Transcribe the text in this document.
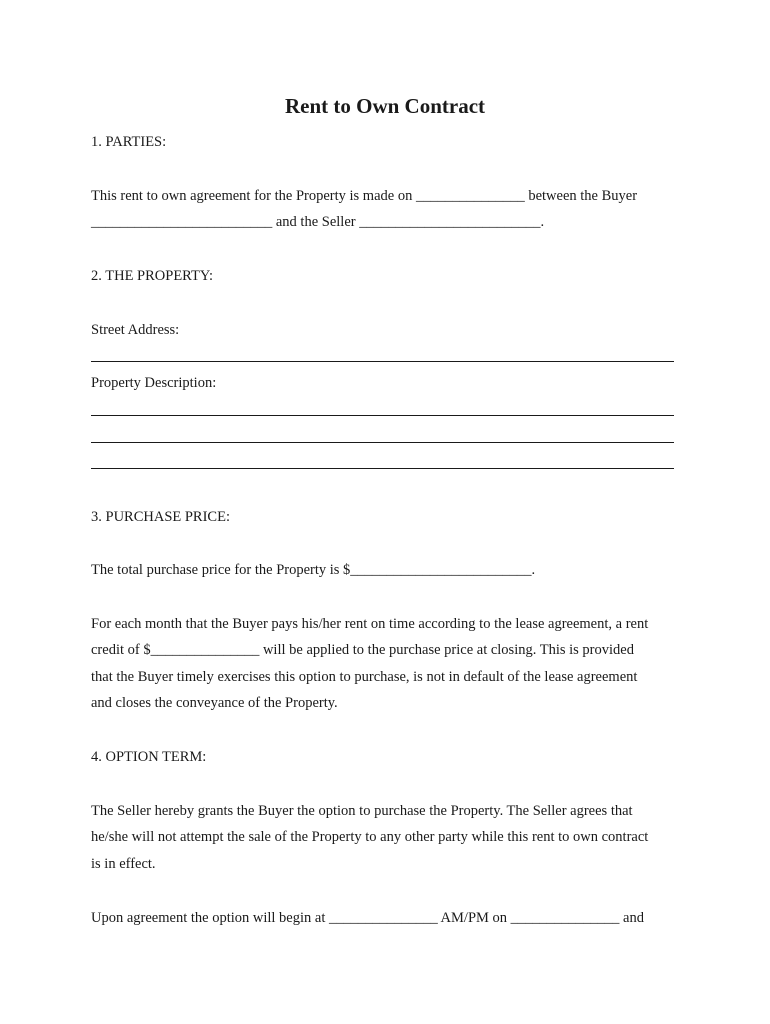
Rent to Own Contract

1. PARTIES:

This rent to own agreement for the Property is made on _______________ between the Buyer

_________________________ and the Seller _________________________.

2. THE PROPERTY:

Street Address:

Property Description:

3. PURCHASE PRICE:

The total purchase price for the Property is $_________________________.

For each month that the Buyer pays his/her rent on time according to the lease agreement, a rent

credit of $_______________ will be applied to the purchase price at closing. This is provided

that the Buyer timely exercises this option to purchase, is not in default of the lease agreement

and closes the conveyance of the Property.

4. OPTION TERM:

The Seller hereby grants the Buyer the option to purchase the Property. The Seller agrees that

he/she will not attempt the sale of the Property to any other party while this rent to own contract

is in effect.

Upon agreement the option will begin at _______________ AM/PM on _______________ and
